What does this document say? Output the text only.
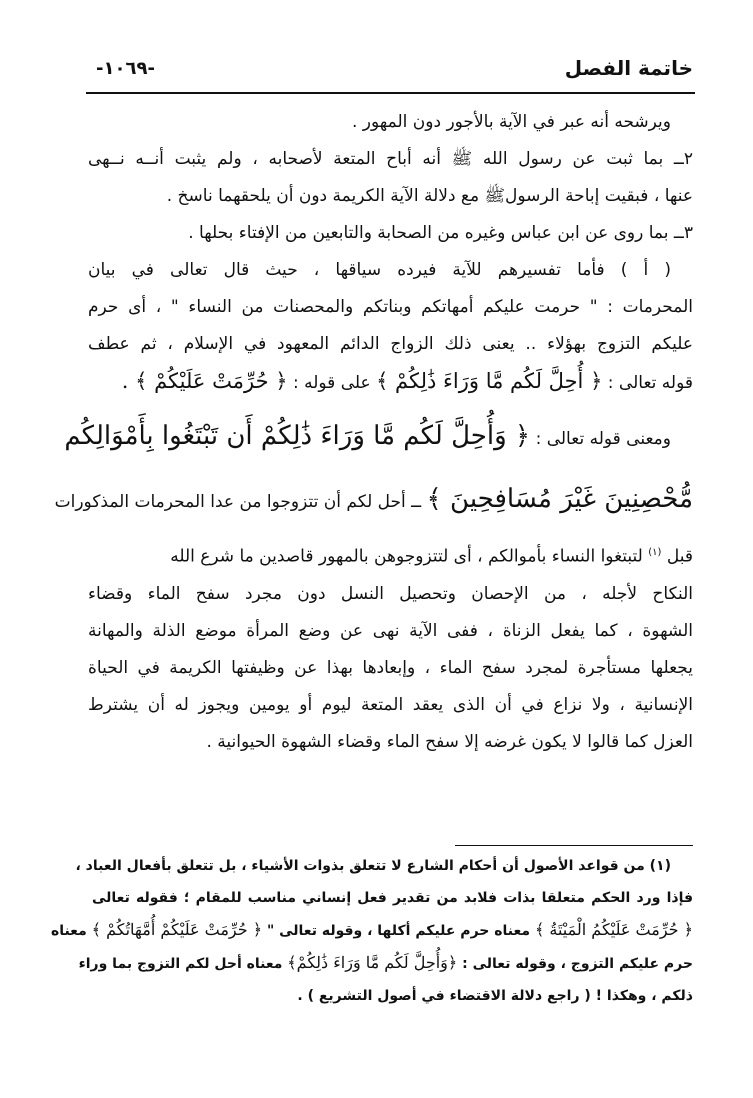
خاتمة الفصل
-١٠٦٩-
ويرشحه أنه عبر في الآية بالأجور دون المهور .
٢ــ بما ثبت عن رسول الله ﷺ أنه أباح المتعة لأصحابه ، ولم يثبت أنــه نــهى
عنها ، فبقيت إباحة الرسولﷺ مع دلالة الآية الكريمة دون أن يلحقهما ناسخ .
٣ــ بما روى عن ابن عباس وغيره من الصحابة والتابعين من الإفتاء بحلها .
( أ ) فأما تفسيرهم للآية فيرده سياقها ، حيث قال تعالى في بيان
المحرمات : " حرمت عليكم أمهاتكم وبناتكم والمحصنات من النساء " ، أى حرم
عليكم التزوج بهؤلاء .. يعنى ذلك الزواج الدائم المعهود في الإسلام ، ثم عطف
قوله تعالى : ﴿ أُحِلَّ لَكُم مَّا وَرَاءَ ذَٰلِكُمْ ﴾ على قوله : ﴿ حُرِّمَتْ عَلَيْكُمْ ﴾ .
ومعنى قوله تعالى : ﴿ وَأُحِلَّ لَكُم مَّا وَرَاءَ ذَٰلِكُمْ أَن تَبْتَغُوا بِأَمْوَالِكُم
مُّحْصِنِينَ غَيْرَ مُسَافِحِينَ ﴾ ــ أحل لكم أن تتزوجوا من عدا المحرمات المذكورات
قبل $^{(١)}$ لتبتغوا النساء بأموالكم ، أى لتتزوجوهن بالمهور قاصدين ما شرع الله
النكاح لأجله ، من الإحصان وتحصيل النسل دون مجرد سفح الماء وقضاء
الشهوة ، كما يفعل الزناة ، ففى الآية نهى عن وضع المرأة موضع الذلة والمهانة
يجعلها مستأجرة لمجرد سفح الماء ، وإبعادها بهذا عن وظيفتها الكريمة في الحياة
الإنسانية ، ولا نزاع في أن الذى يعقد المتعة ليوم أو يومين ويجوز له أن يشترط
العزل كما قالوا لا يكون غرضه إلا سفح الماء وقضاء الشهوة الحيوانية .
(١) من قواعد الأصول أن أحكام الشارع لا تتعلق بذوات الأشياء ، بل تتعلق بأفعال العباد ،
فإذا ورد الحكم متعلقا بذات فلابد من تقدير فعل إنساني مناسب للمقام ؛ فقوله تعالى
﴿ حُرِّمَتْ عَلَيْكُمُ الْمَيْتَةُ ﴾ معناه حرم عليكم أكلها ، وقوله تعالى " ﴿ حُرِّمَتْ عَلَيْكُمْ أُمَّهَاتُكُمْ ﴾ معناه
حرم عليكم التزوج ، وقوله تعالى : ﴿وَأُحِلَّ لَكُم مَّا وَرَاءَ ذَٰلِكُمْ﴾ معناه أحل لكم التزوج بما وراء
ذلكم ، وهكذا ! ( راجع دلالة الاقتضاء في أصول التشريع ) .
